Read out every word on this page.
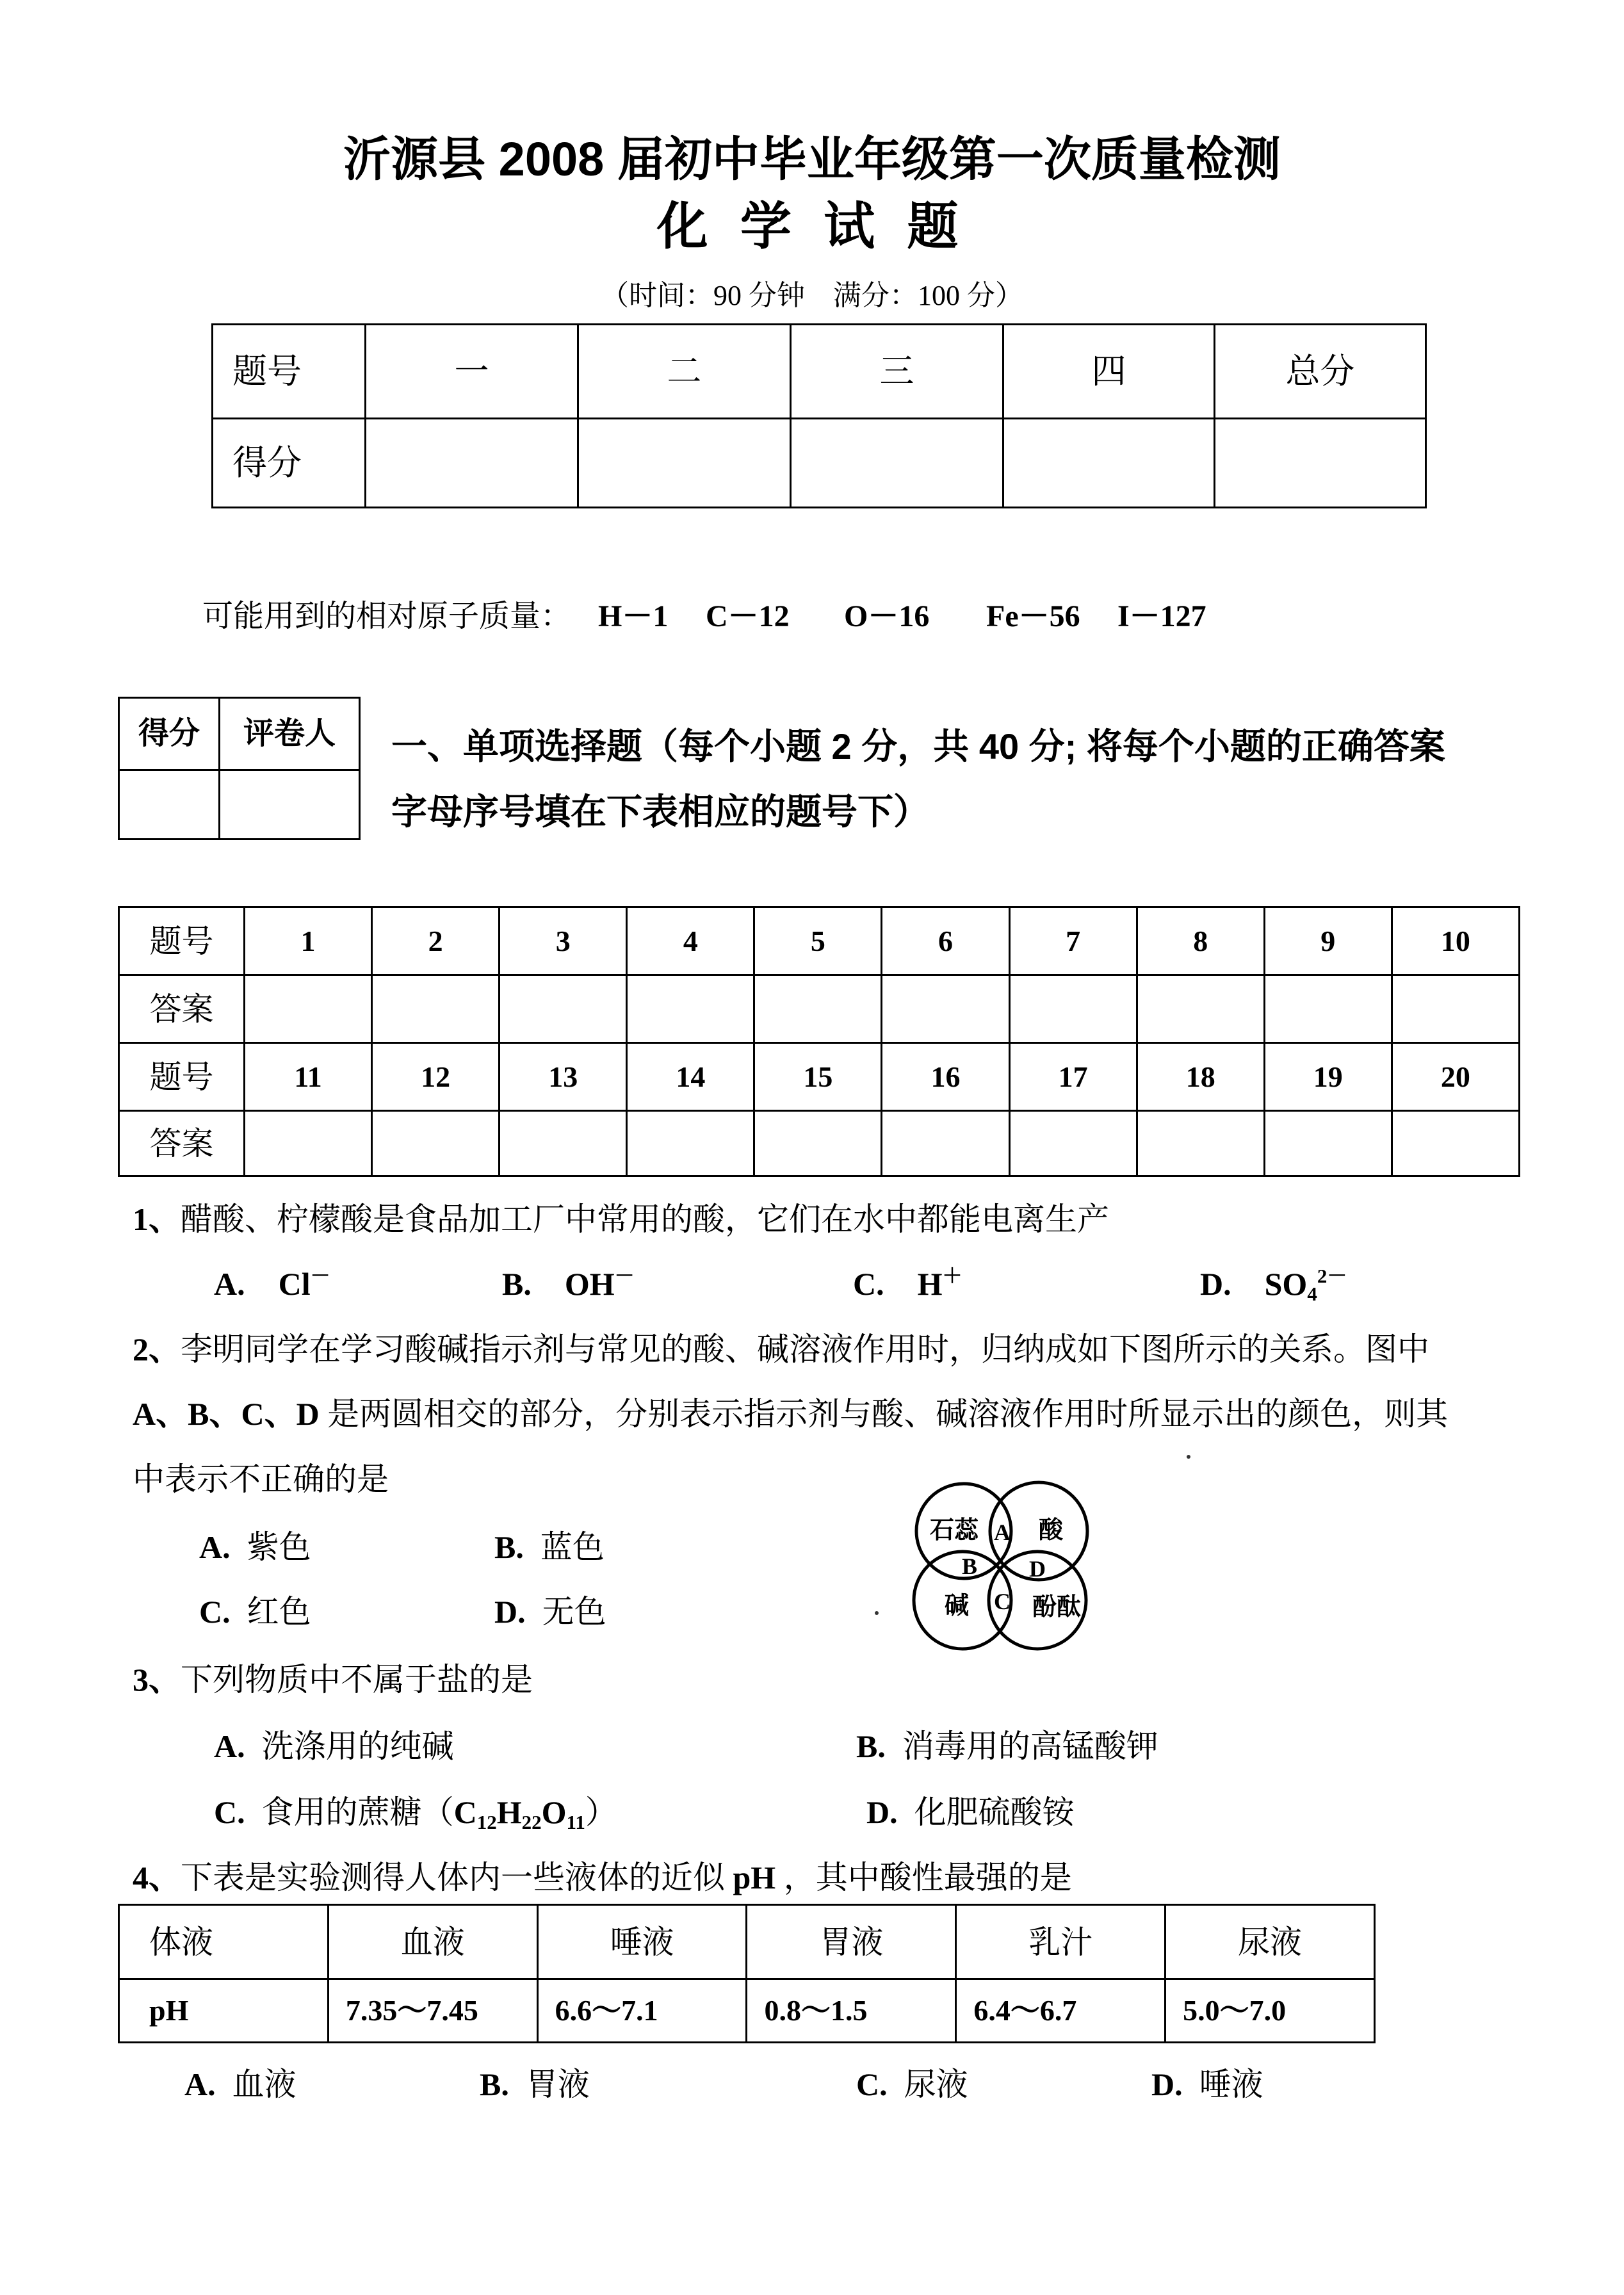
沂源县 2008 届初中毕业年级第一次质量检测
化 学 试 题
（时间：90 分钟　满分：100 分）
题号	一	二	三	四	总分
得分					
可能用到的相对原子质量： H－1 C－12 O－16 Fe－56 I－127
得分	评卷人
	一、单项选择题（每个小题 2 分，共 40 分; 将每个小题的正确答案
字母序号填在下表相应的题号下）
题号	1	2	3	4	5	6	7	8	9	10
答案										
题号	11	12	13	14	15	16	17	18	19	20
答案										
1、醋酸、柠檬酸是食品加工厂中常用的酸，它们在水中都能电离生产
A. Cl－	B. OH－	C. H＋	D. $SO_4^{2-}$
2、李明同学在学习酸碱指示剂与常见的酸、碱溶液作用时，归纳成如下图所示的关系。图中
A、B、C、D 是两圆相交的部分，分别表示指示剂与酸、碱溶液作用时所显示出的颜色，则其
中表示不正确的是
A. 紫色	B. 蓝色
C. 红色	D. 无色
石蕊 酸
碱	酚酞
A
B D
C
3、下列物质中不属于盐的是
A. 洗涤用的纯碱	B. 消毒用的高锰酸钾
C. 食用的蔗糖$(C_{12}H_{22}O_{11})$	D. 化肥硫酸铵
4、下表是实验测得人体内一些液体的近似 pH ，其中酸性最强的是
体液	血液	唾液	胃液	乳汁	尿液
pH	7.35～7.45	6.6～7.1	0.8～1.5	6.4～6.7	5.0～7.0
A. 血液	B. 胃液	C. 尿液	D. 唾液
